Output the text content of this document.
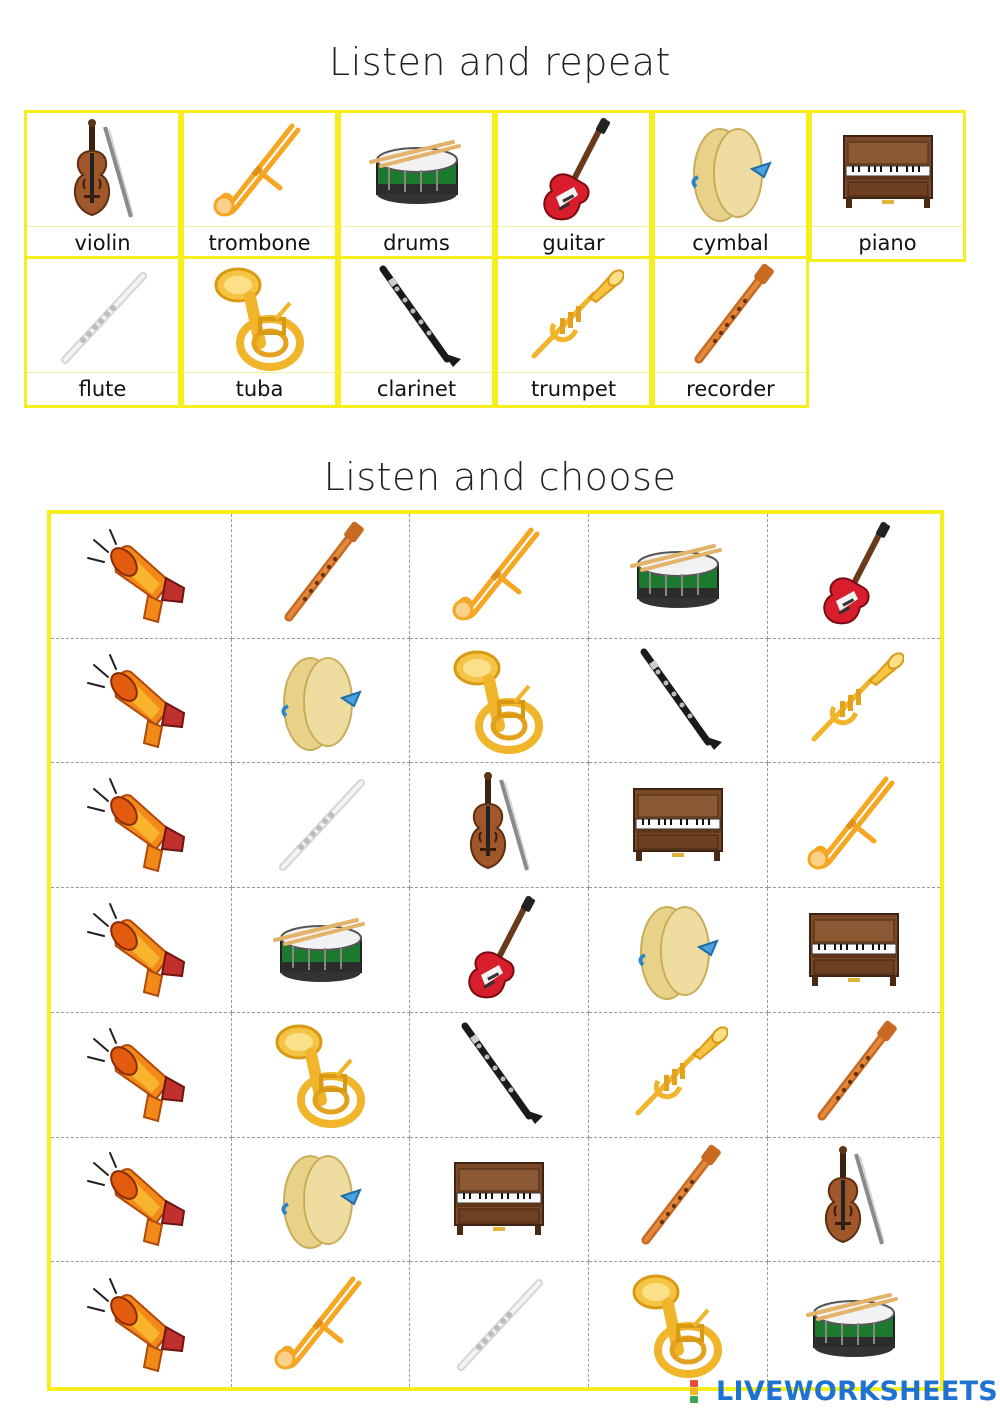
Listen and repeat
violin	trombone	drums	guitar	cymbal	piano
flute	tuba	clarinet	trumpet	recorder
Listen and choose
LIVEWORKSHEETS
